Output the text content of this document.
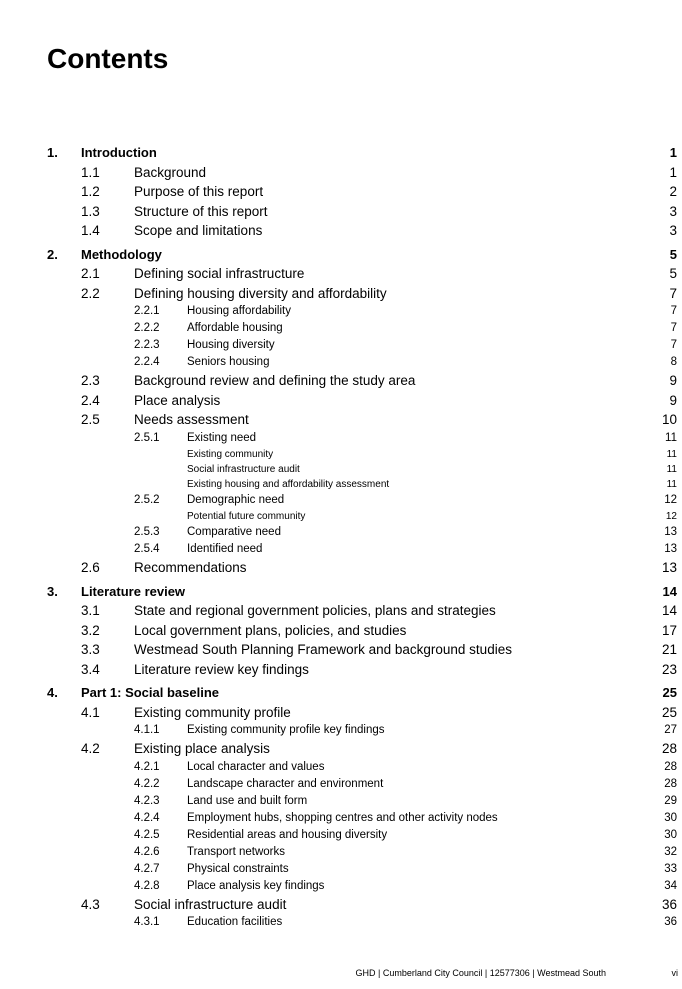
Contents
1. Introduction	1
1.1	Background	1
1.2	Purpose of this report	2
1.3	Structure of this report	3
1.4	Scope and limitations	3
2. Methodology	5
2.1	Defining social infrastructure	5
2.2	Defining housing diversity and affordability	7
2.2.1 Housing affordability	7
2.2.2 Affordable housing	7
2.2.3 Housing diversity	7
2.2.4 Seniors housing	8
2.3	Background review and defining the study area	9
2.4	Place analysis	9
2.5	Needs assessment	10
2.5.1 Existing need	11
Existing community	11
Social infrastructure audit	11
Existing housing and affordability assessment	11
2.5.2 Demographic need	12
Potential future community	12
2.5.3 Comparative need	13
2.5.4 Identified need	13
2.6	Recommendations	13
3. Literature review	14
3.1	State and regional government policies, plans and strategies	14
3.2	Local government plans, policies, and studies	17
3.3	Westmead South Planning Framework and background studies	21
3.4	Literature review key findings	23
4. Part 1: Social baseline	25
4.1	Existing community profile	25
4.1.1 Existing community profile key findings	27
4.2	Existing place analysis	28
4.2.1 Local character and values	28
4.2.2 Landscape character and environment	28
4.2.3 Land use and built form	29
4.2.4 Employment hubs, shopping centres and other activity nodes	30
4.2.5 Residential areas and housing diversity	30
4.2.6 Transport networks	32
4.2.7 Physical constraints	33
4.2.8 Place analysis key findings	34
4.3	Social infrastructure audit	36
4.3.1 Education facilities	36
GHD | Cumberland City Council | 12577306 | Westmead South	vi
